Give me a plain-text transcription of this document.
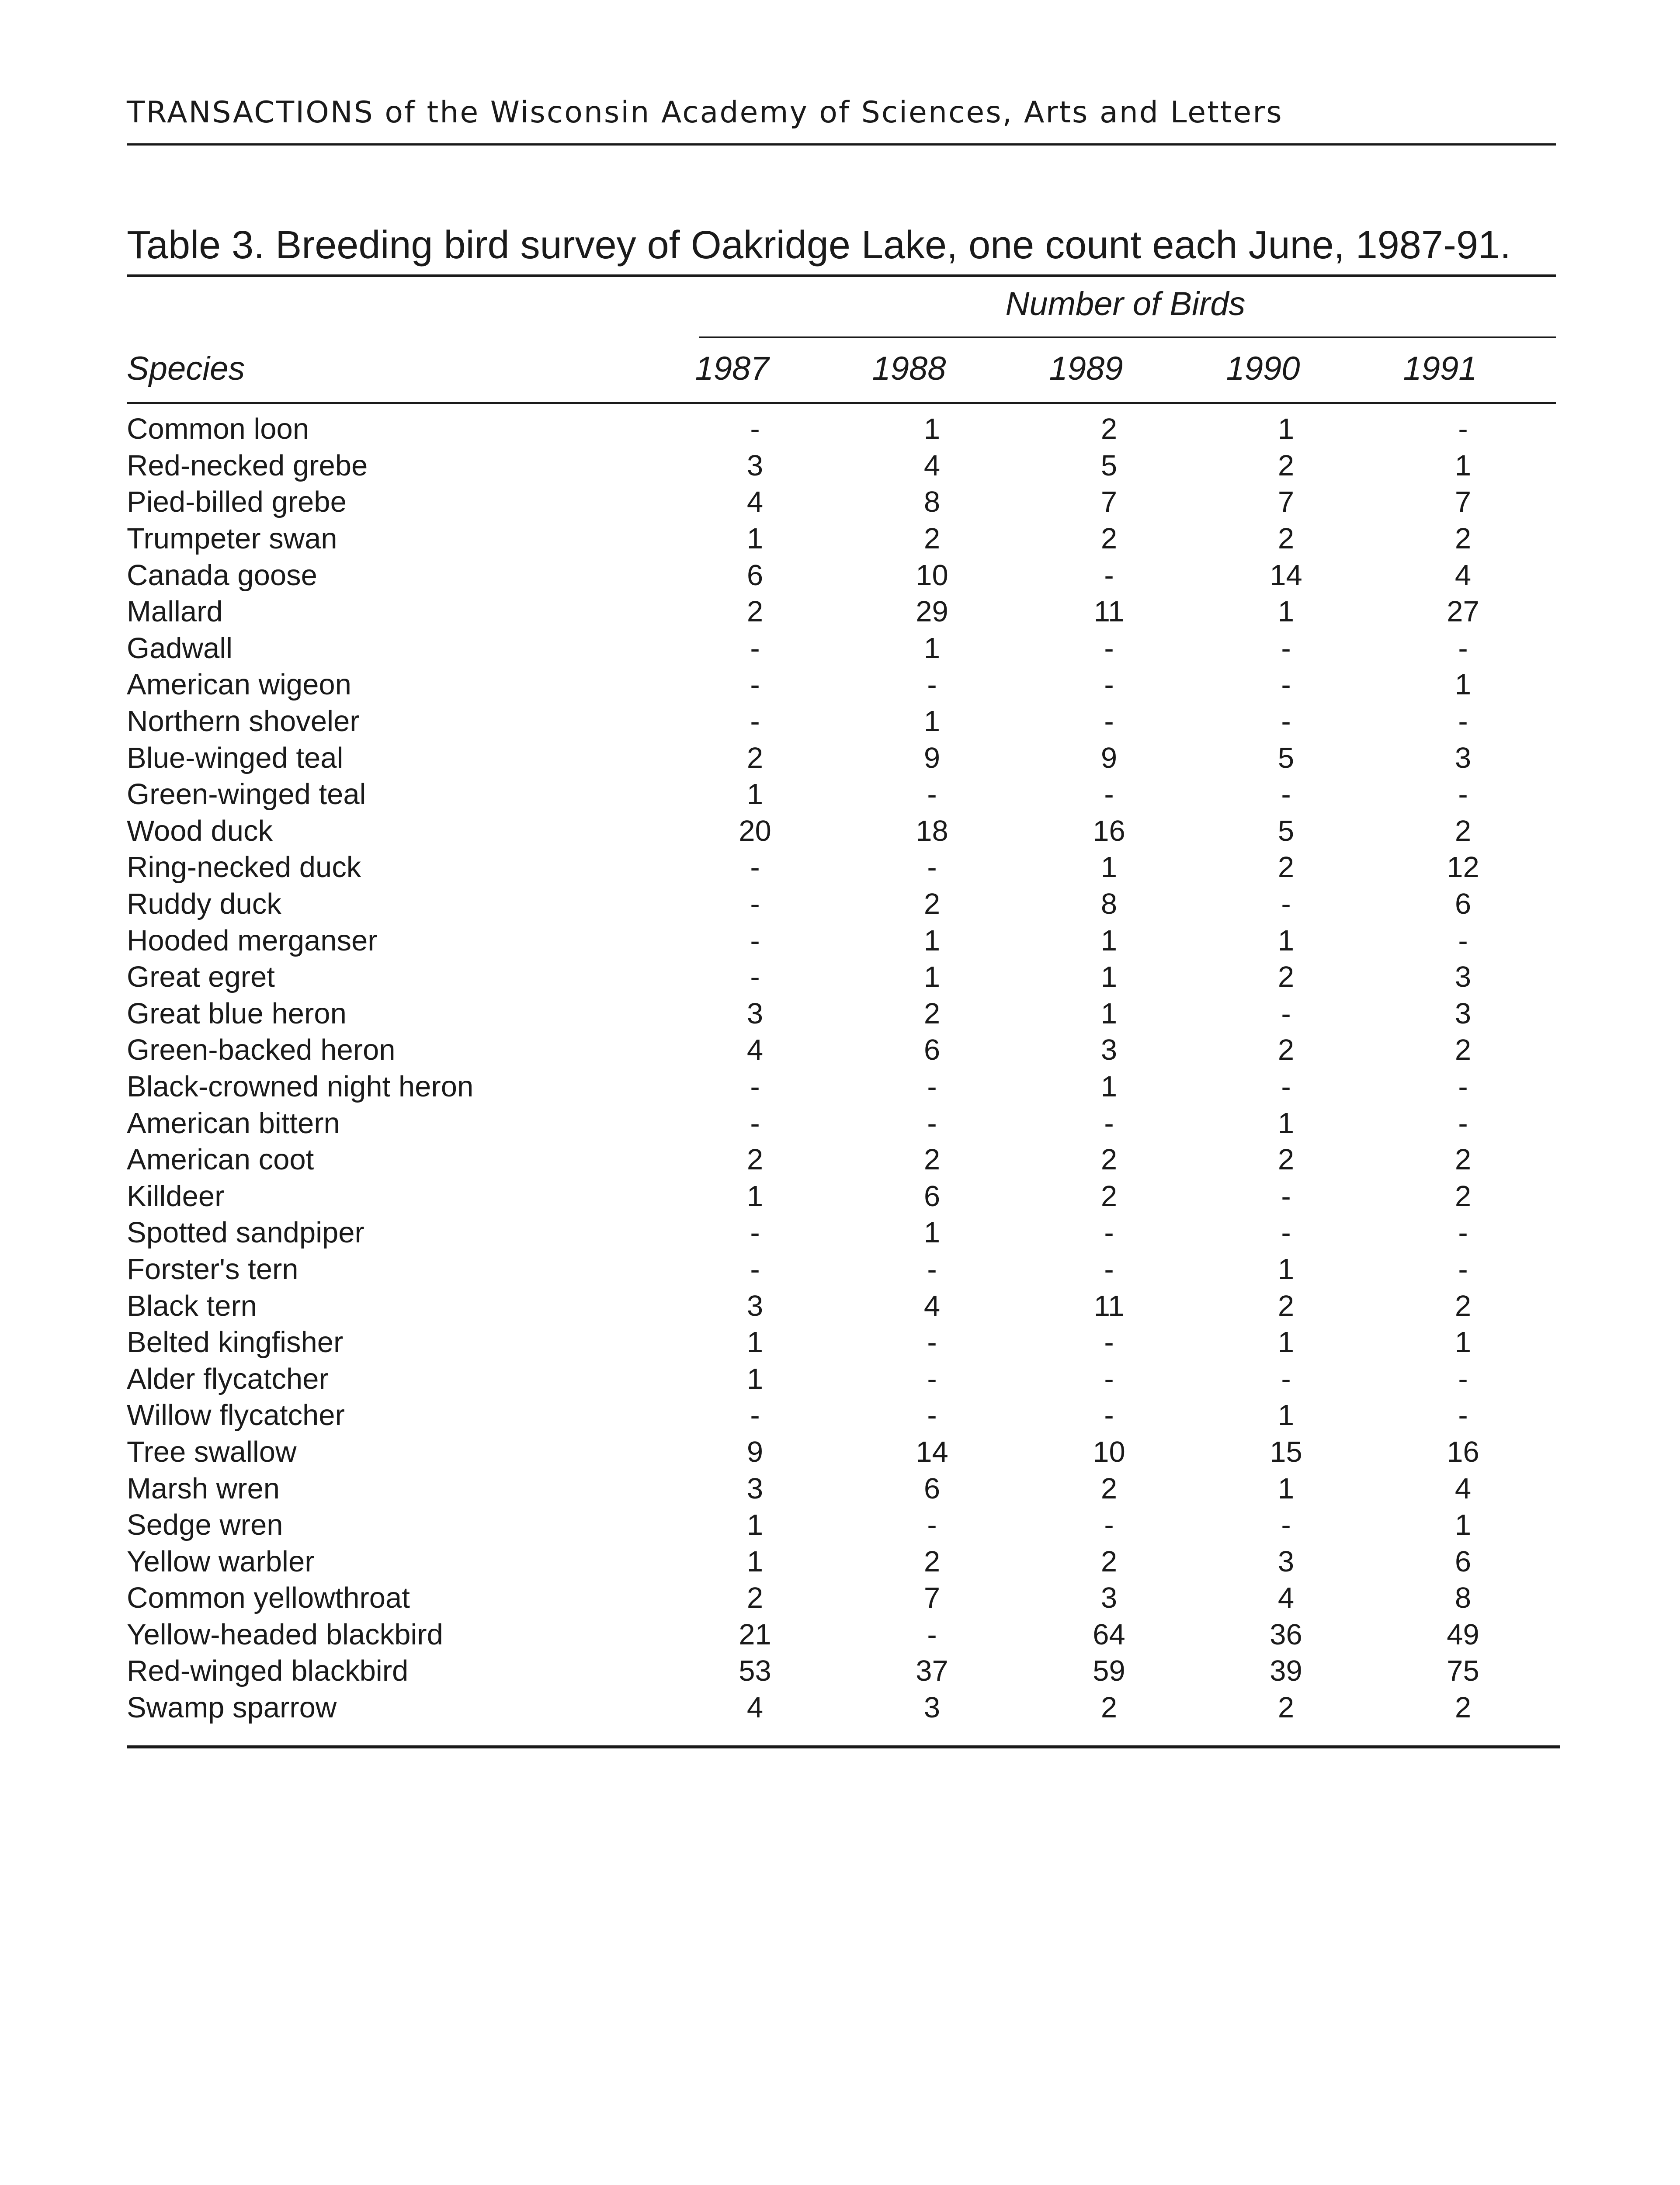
TRANSACTIONS of the Wisconsin Academy of Sciences, Arts and Letters
Table 3. Breeding bird survey of Oakridge Lake, one count each June, 1987-91.
Number of Birds
Species	1987	1988	1989	1990	1991
Common loon	-	1	2	1	-
Red-necked grebe	3	4	5	2	1
Pied-billed grebe	4	8	7	7	7
Trumpeter swan	1	2	2	2	2
Canada goose	6	10	-	14	4
Mallard	2	29	11	1	27
Gadwall	-	1	-	-	-
American wigeon	-	-	-	-	1
Northern shoveler	-	1	-	-	-
Blue-winged teal	2	9	9	5	3
Green-winged teal	1	-	-	-	-
Wood duck	20	18	16	5	2
Ring-necked duck	-	-	1	2	12
Ruddy duck	-	2	8	-	6
Hooded merganser	-	1	1	1	-
Great egret	-	1	1	2	3
Great blue heron	3	2	1	-	3
Green-backed heron	4	6	3	2	2
Black-crowned night heron	-	-	1	-	-
American bittern	-	-	-	1	-
American coot	2	2	2	2	2
Killdeer	1	6	2	-	2
Spotted sandpiper	-	1	-	-	-
Forster's tern	-	-	-	1	-
Black tern	3	4	11	2	2
Belted kingfisher	1	-	-	1	1
Alder flycatcher	1	-	-	-	-
Willow flycatcher	-	-	-	1	-
Tree swallow	9	14	10	15	16
Marsh wren	3	6	2	1	4
Sedge wren	1	-	-	-	1
Yellow warbler	1	2	2	3	6
Common yellowthroat	2	7	3	4	8
Yellow-headed blackbird	21	-	64	36	49
Red-winged blackbird	53	37	59	39	75
Swamp sparrow	4	3	2	2	2
